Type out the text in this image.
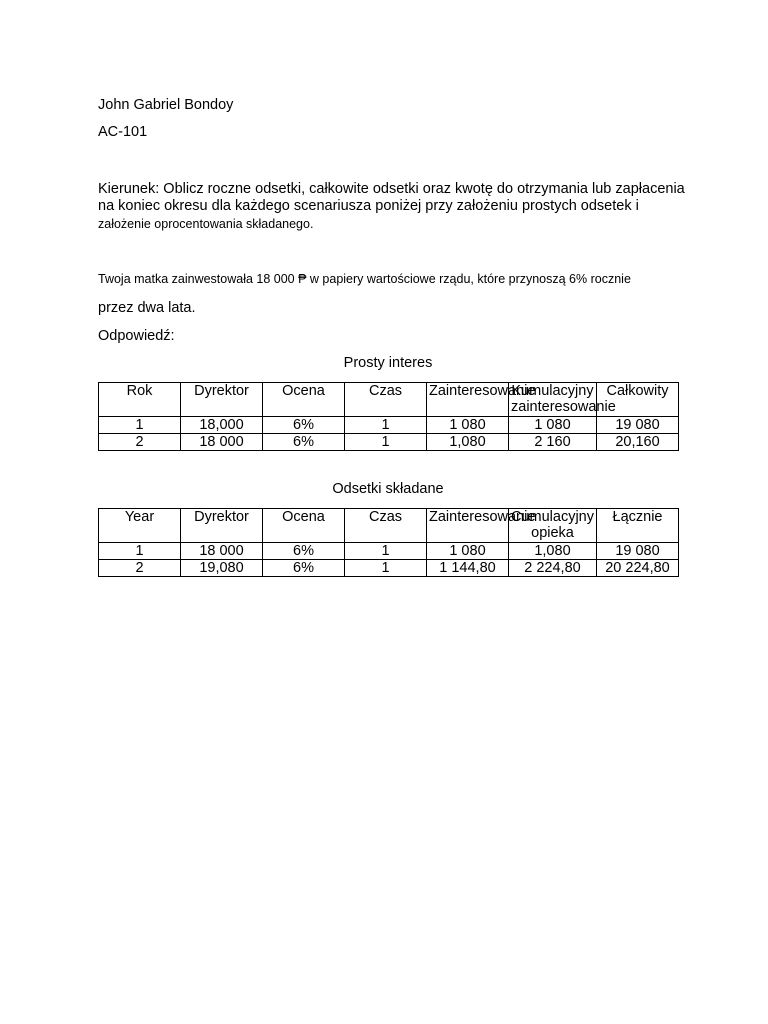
John Gabriel Bondoy
AC-101
Kierunek: Oblicz roczne odsetki, całkowite odsetki oraz kwotę do otrzymania lub zapłacenia
na koniec okresu dla każdego scenariusza poniżej przy założeniu prostych odsetek i
założenie oprocentowania składanego.
Twoja matka zainwestowała 18 000 ₱ w papiery wartościowe rządu, które przynoszą 6% rocznie
przez dwa lata.
Odpowiedź:
Prosty interes
Rok	Dyrektor	Ocena	Czas	Zainteresowanie	Kumulacyjny zainteresowanie	Całkowity
1	18,000	6%	1	1 080	1 080	19 080
2	18 000	6%	1	1,080	2 160	20,160
Odsetki składane
Year	Dyrektor	Ocena	Czas	Zainteresowanie	Cumulacyjny opieka	Łącznie
1	18 000	6%	1	1 080	1,080	19 080
2	19,080	6%	1	1 144,80	2 224,80	20 224,80
